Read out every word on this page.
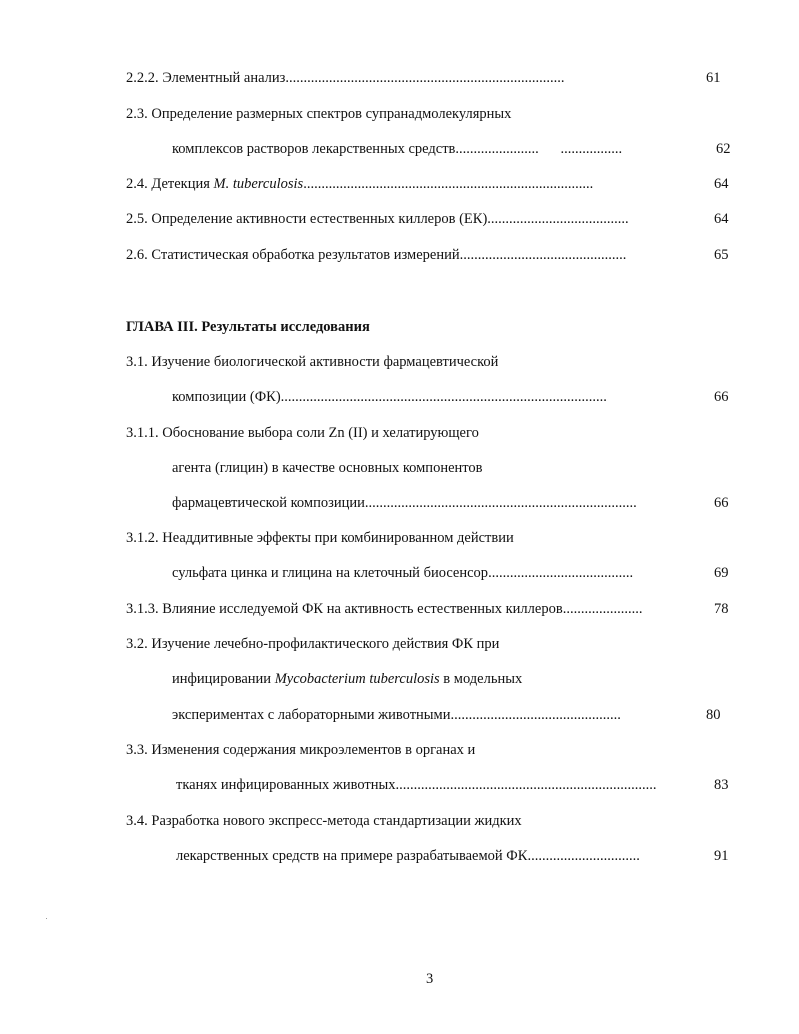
2.2.2. Элементный анализ.............................................................................	61
2.3. Определение размерных спектров супранадмолекулярных
комплексов растворов лекарственных средств.......................      .................	62
2.4. Детекция M. tuberculosis................................................................................	64
2.5. Определение активности естественных киллеров (ЕК).......................................	64
2.6. Статистическая обработка результатов измерений..............................................	65
ГЛАВА III. Результаты исследования
3.1. Изучение биологической активности фармацевтической
композиции (ФК)..........................................................................................	66
3.1.1. Обоснование выбора соли Zn (II) и хелатирующего
агента (глицин) в качестве основных компонентов
фармацевтической композиции...........................................................................	66
3.1.2. Неаддитивные эффекты при комбинированном действии
сульфата цинка и глицина на клеточный биосенсор........................................	69
3.1.3. Влияние исследуемой ФК на активность естественных киллеров......................	78
3.2. Изучение лечебно-профилактического действия ФК при
инфицировании Mycobacterium tuberculosis в модельных
экспериментах с лабораторными животными...............................................	80
3.3. Изменения содержания микроэлементов в органах и
тканях инфицированных животных........................................................................	83
3.4. Разработка нового экспресс-метода стандартизации жидких
лекарственных средств на примере разрабатываемой ФК...............................	91
3
